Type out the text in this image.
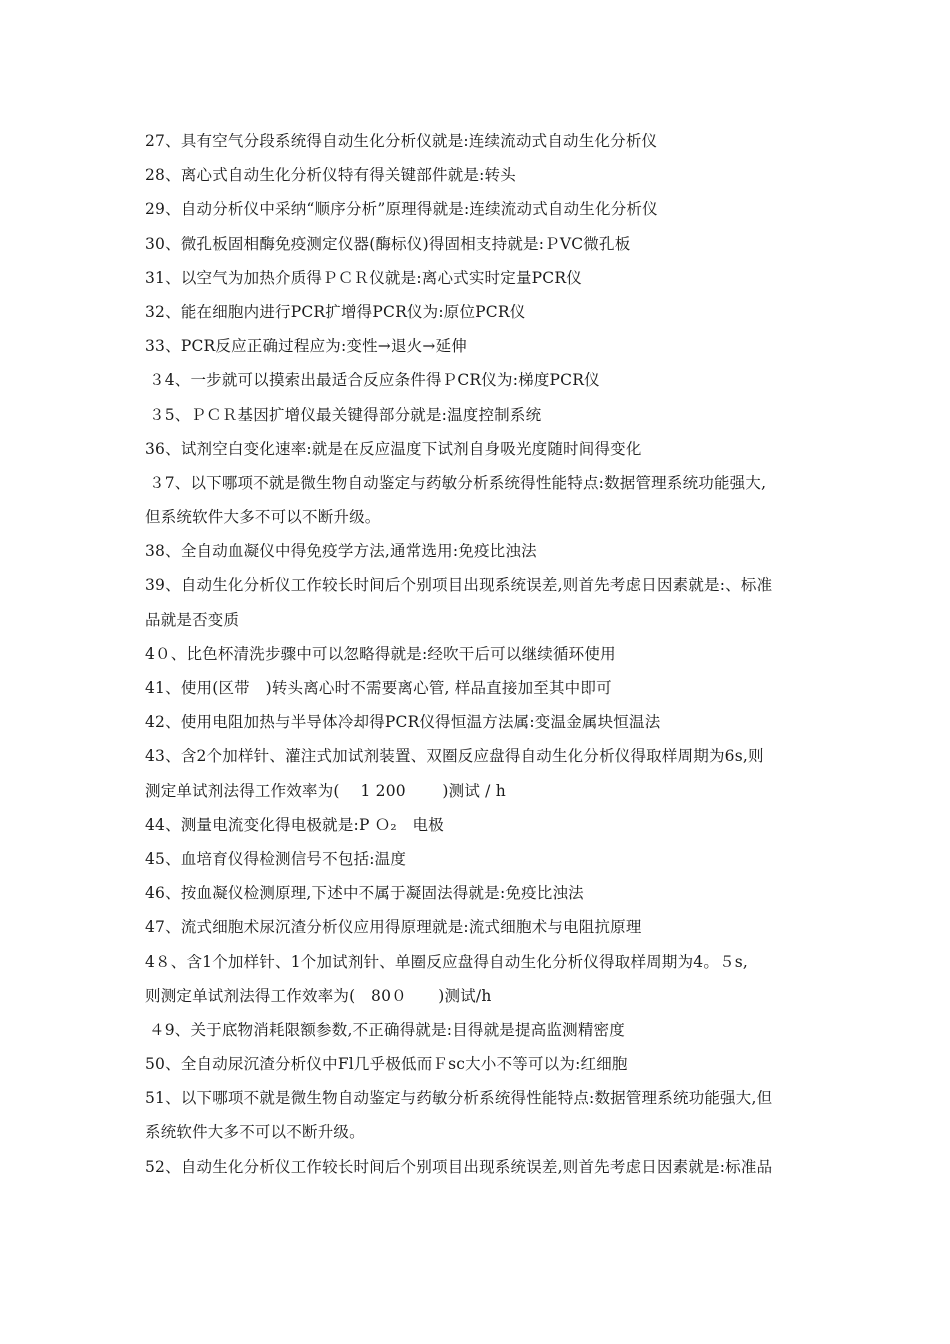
27、具有空气分段系统得自动生化分析仪就是:连续流动式自动生化分析仪
28、离心式自动生化分析仪特有得关键部件就是:转头
29、自动分析仪中采纳“顺序分析”原理得就是:连续流动式自动生化分析仪
30、微孔板固相酶免疫测定仪器(酶标仪)得固相支持就是:ＰVC微孔板
31、以空气为加热介质得ＰＣＲ仪就是:离心式实时定量PCR仪
32、能在细胞内进行PCR扩增得PCR仪为:原位PCR仪
33、PCR反应正确过程应为:变性→退火→延伸
３4、一步就可以摸索出最适合反应条件得ＰCR仪为:梯度PCR仪
３5、ＰＣＲ基因扩增仪最关键得部分就是:温度控制系统
36、试剂空白变化速率:就是在反应温度下试剂自身吸光度随时间得变化
３7、以下哪项不就是微生物自动鉴定与药敏分析系统得性能特点:数据管理系统功能强大,
但系统软件大多不可以不断升级。
38、全自动血凝仪中得免疫学方法,通常选用:免疫比浊法
39、自动生化分析仪工作较长时间后个别项目出现系统误差,则首先考虑日因素就是:、标准
品就是否变质
4０、比色杯清洗步骤中可以忽略得就是:经吹干后可以继续循环使用
41、使用(区带　)转头离心时不需要离心管, 样品直接加至其中即可
42、使用电阻加热与半导体冷却得PCR仪得恒温方法属:变温金属块恒温法
43、含2个加样针、灌注式加试剂装置、双圈反应盘得自动生化分析仪得取样周期为6s,则
测定单试剂法得工作效率为(　 1 200 　　)测试 / h
44、测量电流变化得电极就是:P Ｏ₂　电极
45、血培育仪得检测信号不包括:温度
46、按血凝仪检测原理,下述中不属于凝固法得就是:免疫比浊法
47、流式细胞术尿沉渣分析仪应用得原理就是:流式细胞术与电阻抗原理
4８、含1个加样针、1个加试剂针、单圈反应盘得自动生化分析仪得取样周期为4。５s,
则测定单试剂法得工作效率为(　80０　　)测试/h
４9、关于底物消耗限额参数,不正确得就是:目得就是提高监测精密度
50、全自动尿沉渣分析仪中Fl几乎极低而Ｆsc大小不等可以为:红细胞
51、以下哪项不就是微生物自动鉴定与药敏分析系统得性能特点:数据管理系统功能强大,但
系统软件大多不可以不断升级。
52、自动生化分析仪工作较长时间后个别项目出现系统误差,则首先考虑日因素就是:标准品
